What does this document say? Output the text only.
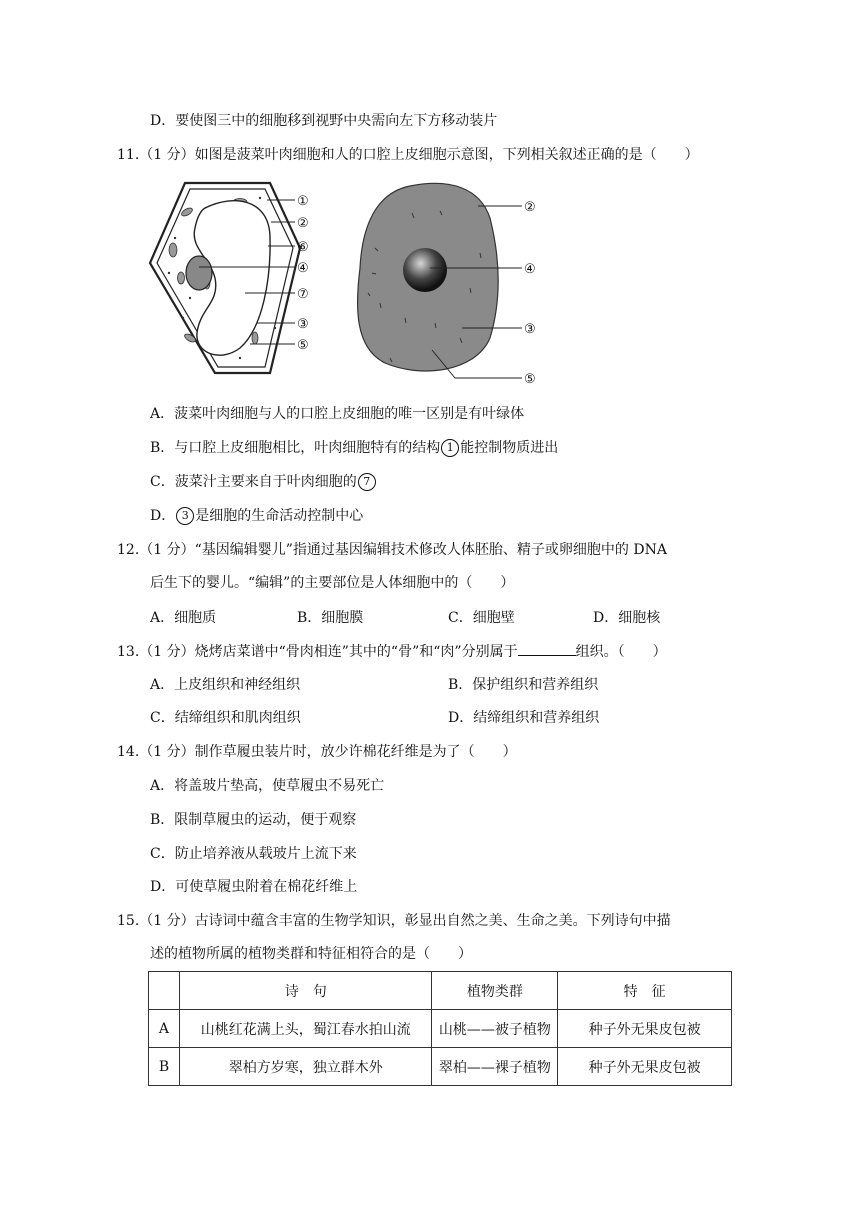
D．要使图三中的细胞移到视野中央需向左下方移动装片
11.（1 分）如图是菠菜叶肉细胞和人的口腔上皮细胞示意图，下列相关叙述正确的是（　　）
①
②
⑥
④
⑦
③
⑤
②
④
③
⑤
A．菠菜叶肉细胞与人的口腔上皮细胞的唯一区别是有叶绿体
B．与口腔上皮细胞相比，叶肉细胞特有的结构 1 能控制物质进出
C．菠菜汁主要来自于叶肉细胞的 7
D． 3 是细胞的生命活动控制中心
12.（1 分）“基因编辑婴儿”指通过基因编辑技术修改人体胚胎、精子或卵细胞中的 DNA
后生下的婴儿。“编辑”的主要部位是人体细胞中的（　　）
A．细胞质	B．细胞膜	C．细胞壁	D．细胞核
13.（1 分）烧烤店菜谱中“骨肉相连”其中的“骨”和“肉”分别属于	组织。（　　）
A．上皮组织和神经组织	B．保护组织和营养组织
C．结缔组织和肌肉组织	D．结缔组织和营养组织
14.（1 分）制作草履虫装片时，放少许棉花纤维是为了（　　）
A．将盖玻片垫高，使草履虫不易死亡
B．限制草履虫的运动，便于观察
C．防止培养液从载玻片上流下来
D．可使草履虫附着在棉花纤维上
15.（1 分）古诗词中蕴含丰富的生物学知识，彰显出自然之美、生命之美。下列诗句中描
述的植物所属的植物类群和特征相符合的是（　　）
	诗　句	植物类群	特　征
A	山桃红花满上头，蜀江春水拍山流	山桃——被子植物	种子外无果皮包被
B	翠柏方岁寒，独立群木外	翠柏——裸子植物	种子外无果皮包被
